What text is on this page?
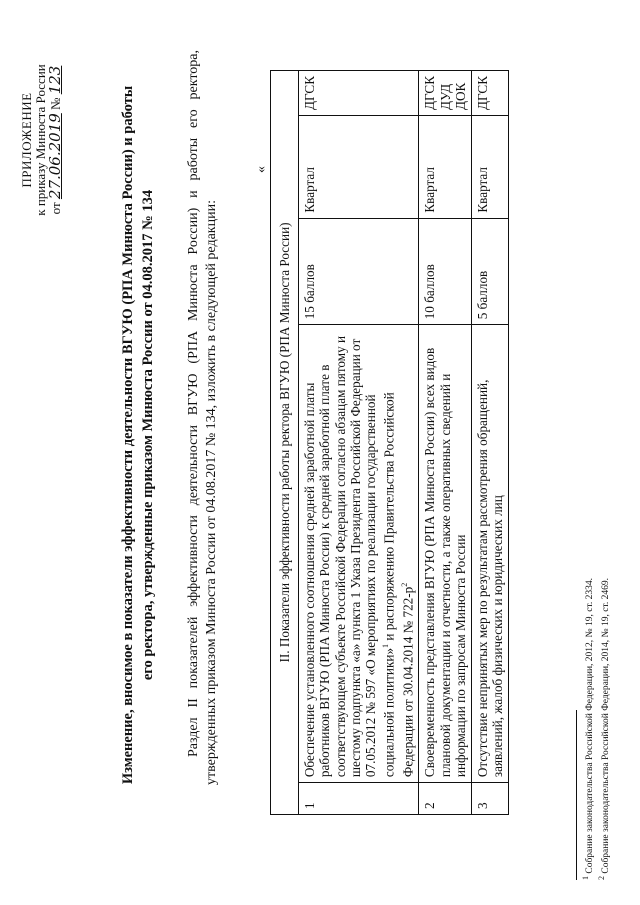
ПРИЛОЖЕНИЕ к приказу Минюста России от 27.06.2019 № 123
Изменение, вносимое в показатели эффективности деятельности ВГУЮ (РПА Минюста России) и работы его ректора, утвержденные приказом Минюста России от 04.08.2017 № 134 Раздел II показателей эффективности деятельности ВГУЮ (РПА Минюста России) и работы его ректора, утвержденных приказом Минюста России от 04.08.2017 № 134, изложить в следующей редакции:
«
II. Показатели эффективности работы ректора ВГУЮ (РПА Минюста России)				
1	Обеспечение установленного соотношения средней заработной платы работников ВГУЮ (РПА Минюста России) к средней заработной плате в соответствующем субъекте Российской Федерации согласно абзацам пятому и шестому подпункта «а» пункта 1 Указа Президента Российской Федерации от 07.05.2012 № 597 «О мероприятиях по реализации государственной социальной политики»$^1$ и распоряжению Правительства Российской Федерации от 30.04.2014 № $722-р^2$	15 баллов	Квартал	ДГСК
2	Своевременность представления ВГУЮ (РПА Минюста России) всех видов плановой документации и отчетности, а также оперативных сведений и информации по запросам Минюста России	10 баллов	Квартал	ДГСК ДУД ДОК
3	Отсутствие непринятых мер по результатам рассмотрения обращений, заявлений, жалоб физических и юридических лиц	5 баллов	Квартал	ДГСК
$^1$ Собрание законодательства Российской Федерации, 2012, № 19, ст. 2334.
$^2$ Собрание законодательства Российской Федерации, 2014, № 19, ст. 2469.
